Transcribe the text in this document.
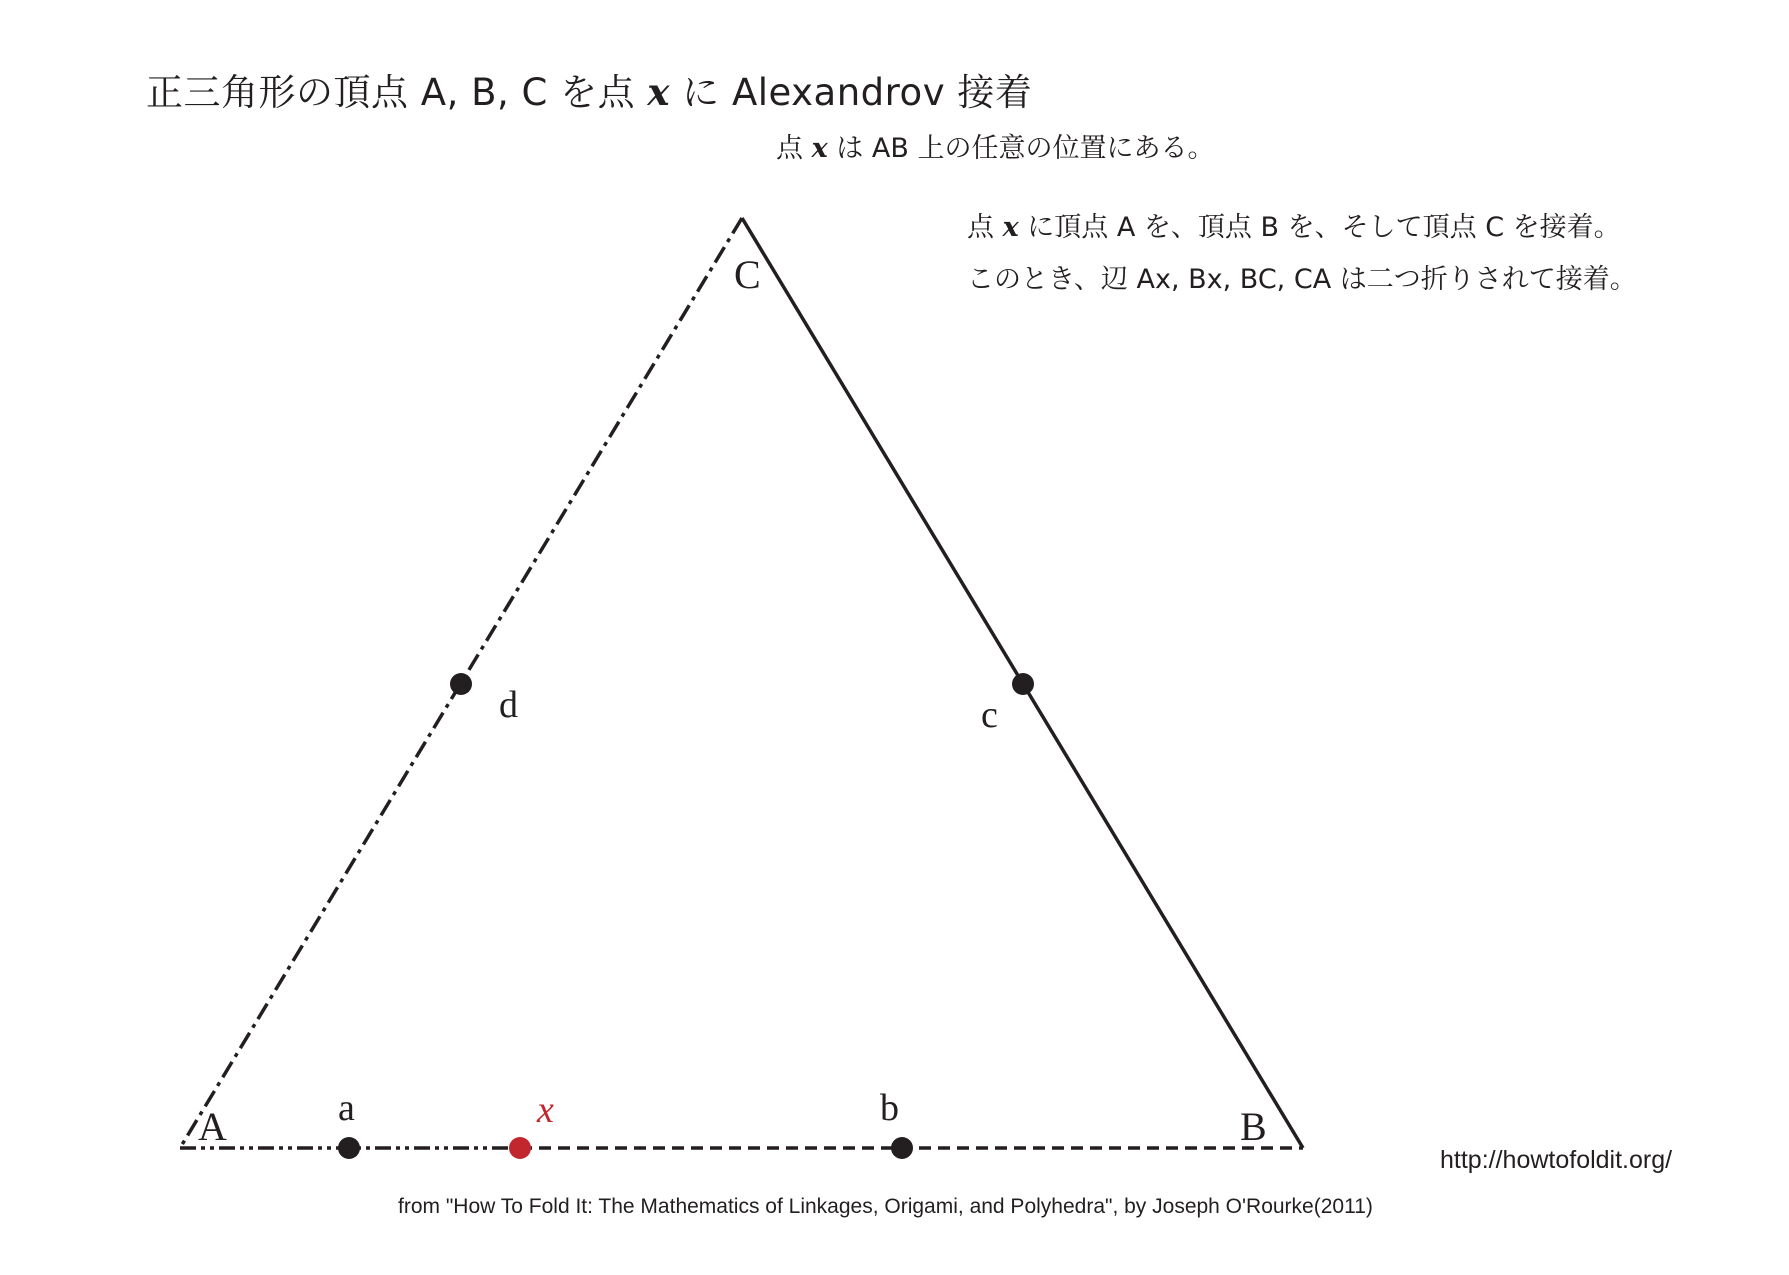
正三角形の頂点 A, B, C を点 x に Alexandrov 接着
点 x は AB 上の任意の位置にある。
点 x に頂点 A を、頂点 B を、そして頂点 C を接着。
このとき、辺 Ax, Bx, BC, CA は二つ折りされて接着。
A	B
C
a	b
c
d
x
http://howtofoldit.org/
from "How To Fold It: The Mathematics of Linkages, Origami, and Polyhedra", by Joseph O'Rourke(2011)
